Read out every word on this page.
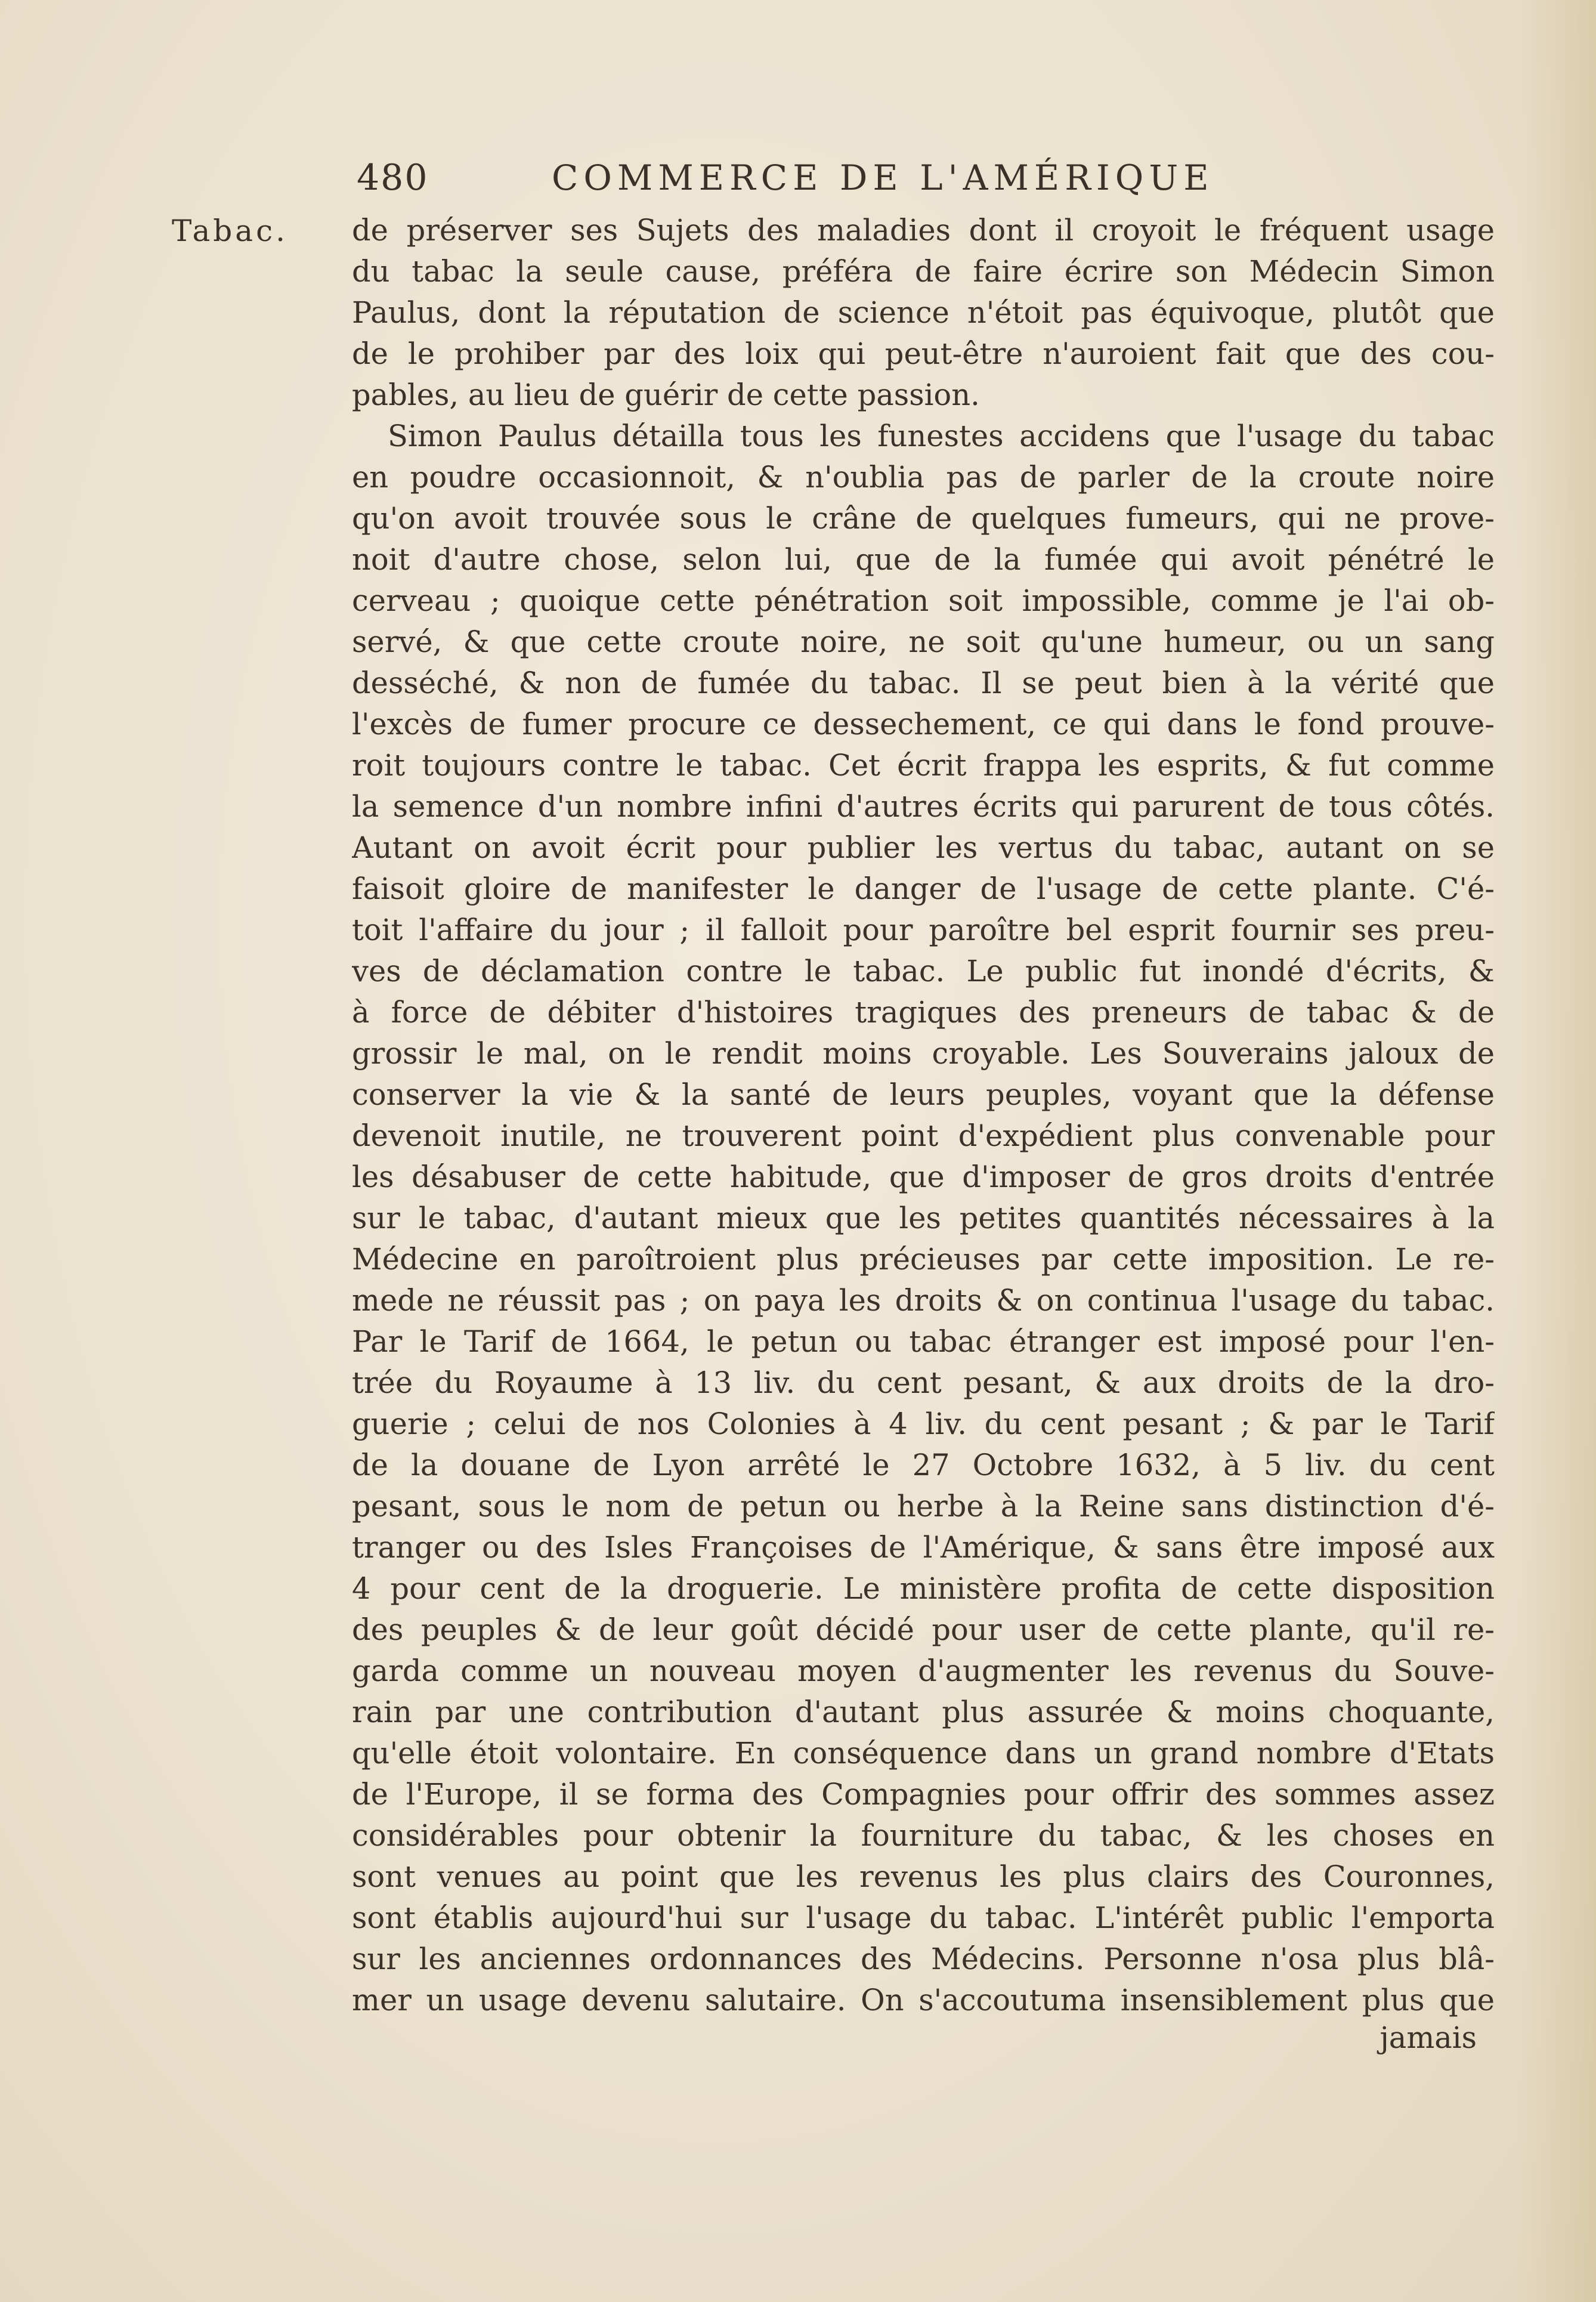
480	COMMERCE DE L'AMÉRIQUE
Tabac. de préserver ses Sujets des maladies dont il croyoit le fréquent usage
du tabac la seule cause, préféra de faire écrire son Médecin Simon
Paulus, dont la réputation de science n'étoit pas équivoque, plutôt que
de le prohiber par des loix qui peut-être n'auroient fait que des cou-
pables, au lieu de guérir de cette passion.
Simon Paulus détailla tous les funestes accidens que l'usage du tabac
en poudre occasionnoit, & n'oublia pas de parler de la croute noire
qu'on avoit trouvée sous le crâne de quelques fumeurs, qui ne prove-
noit d'autre chose, selon lui, que de la fumée qui avoit pénétré le
cerveau ; quoique cette pénétration soit impossible, comme je l'ai ob-
servé, & que cette croute noire, ne soit qu'une humeur, ou un sang
desséché, & non de fumée du tabac. Il se peut bien à la vérité que
l'excès de fumer procure ce dessechement, ce qui dans le fond prouve-
roit toujours contre le tabac. Cet écrit frappa les esprits, & fut comme
la semence d'un nombre infini d'autres écrits qui parurent de tous côtés.
Autant on avoit écrit pour publier les vertus du tabac, autant on se
faisoit gloire de manifester le danger de l'usage de cette plante. C'é-
toit l'affaire du jour ; il falloit pour paroître bel esprit fournir ses preu-
ves de déclamation contre le tabac. Le public fut inondé d'écrits, &
à force de débiter d'histoires tragiques des preneurs de tabac & de
grossir le mal, on le rendit moins croyable. Les Souverains jaloux de
conserver la vie & la santé de leurs peuples, voyant que la défense
devenoit inutile, ne trouverent point d'expédient plus convenable pour
les désabuser de cette habitude, que d'imposer de gros droits d'entrée
sur le tabac, d'autant mieux que les petites quantités nécessaires à la
Médecine en paroîtroient plus précieuses par cette imposition. Le re-
mede ne réussit pas ; on paya les droits & on continua l'usage du tabac.
Par le Tarif de 1664, le petun ou tabac étranger est imposé pour l'en-
trée du Royaume à 13 liv. du cent pesant, & aux droits de la dro-
guerie ; celui de nos Colonies à 4 liv. du cent pesant ; & par le Tarif
de la douane de Lyon arrêté le 27 Octobre 1632, à 5 liv. du cent
pesant, sous le nom de petun ou herbe à la Reine sans distinction d'é-
tranger ou des Isles Françoises de l'Amérique, & sans être imposé aux
4 pour cent de la droguerie. Le ministère profita de cette disposition
des peuples & de leur goût décidé pour user de cette plante, qu'il re-
garda comme un nouveau moyen d'augmenter les revenus du Souve-
rain par une contribution d'autant plus assurée & moins choquante,
qu'elle étoit volontaire. En conséquence dans un grand nombre d'Etats
de l'Europe, il se forma des Compagnies pour offrir des sommes assez
considérables pour obtenir la fourniture du tabac, & les choses en
sont venues au point que les revenus les plus clairs des Couronnes,
sont établis aujourd'hui sur l'usage du tabac. L'intérêt public l'emporta
sur les anciennes ordonnances des Médecins. Personne n'osa plus blâ-
mer un usage devenu salutaire. On s'accoutuma insensiblement plus que
jamais
